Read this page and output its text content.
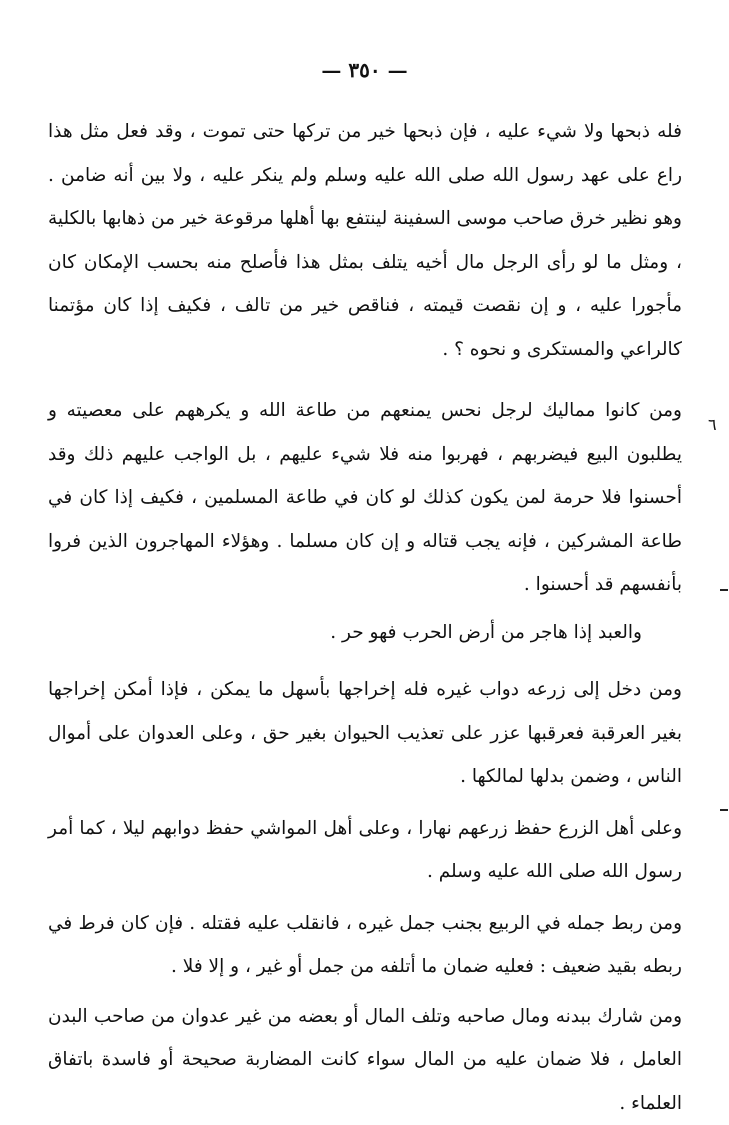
— ٣٥٠ —
٦

فله ذبحها ولا شيء عليه ، فإن ذبحها خير من تركها حتى تموت ، وقد فعل مثل هذا راع على عهد رسول الله صلى الله عليه وسلم ولم ينكر عليه ، ولا بين أنه ضامن . وهو نظير خرق صاحب موسى السفينة لينتفع بها أهلها مرقوعة خير من ذهابها بالكلية ، ومثل ما لو رأى الرجل مال أخيه يتلف بمثل هذا فأصلح منه بحسب الإمكان كان مأجورا عليه ، و إن نقصت قيمته ، فناقص خير من تالف ، فكيف إذا كان مؤتمنا كالراعي والمستكرى و نحوه ؟ .

ومن كانوا مماليك لرجل نحس يمنعهم من طاعة الله و يكرههم على معصيته و يطلبون البيع فيضربهم ، فهربوا منه فلا شيء عليهم ، بل الواجب عليهم ذلك وقد أحسنوا فلا حرمة لمن يكون كذلك لو كان في طاعة المسلمين ، فكيف إذا كان في طاعة المشركين ، فإنه يجب قتاله و إن كان مسلما . وهؤلاء المهاجرون الذين فروا بأنفسهم قد أحسنوا .

والعبد إذا هاجر من أرض الحرب فهو حر .

ومن دخل إلى زرعه دواب غيره فله إخراجها بأسهل ما يمكن ، فإذا أمكن إخراجها بغير العرقبة فعرقبها عزر على تعذيب الحيوان بغير حق ، وعلى العدوان على أموال الناس ، وضمن بدلها لمالكها .

وعلى أهل الزرع حفظ زرعهم نهارا ، وعلى أهل المواشي حفظ دوابهم ليلا ، كما أمر رسول الله صلى الله عليه وسلم .

ومن ربط جمله في الربيع بجنب جمل غيره ، فانقلب عليه فقتله . فإن كان فرط في ربطه بقيد ضعيف : فعليه ضمان ما أتلفه من جمل أو غير ، و إلا فلا .

ومن شارك ببدنه ومال صاحبه وتلف المال أو بعضه من غير عدوان من صاحب البدن العامل ، فلا ضمان عليه من المال سواء كانت المضاربة صحيحة أو فاسدة باتفاق العلماء .
